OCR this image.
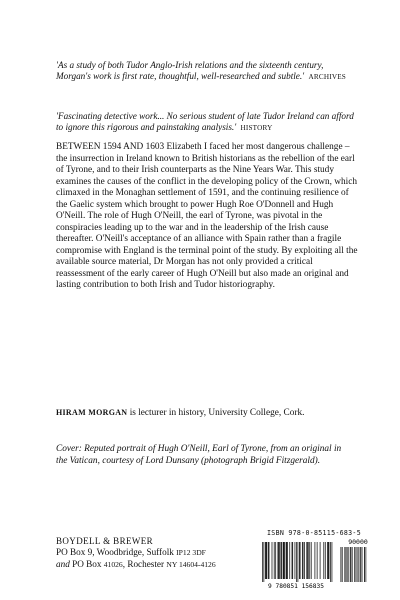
'As a study of both Tudor Anglo-Irish relations and the sixteenth century, Morgan's work is first rate, thoughtful, well-researched and subtle.' ARCHIVES
'Fascinating detective work... No serious student of late Tudor Ireland can afford to ignore this rigorous and painstaking analysis.' HISTORY

BETWEEN 1594 AND 1603 Elizabeth I faced her most dangerous challenge – the insurrection in Ireland known to British historians as the rebellion of the earl of Tyrone, and to their Irish counterparts as the Nine Years War. This study examines the causes of the conflict in the developing policy of the Crown, which climaxed in the Monaghan settlement of 1591, and the continuing resilience of the Gaelic system which brought to power Hugh Roe O'Donnell and Hugh O'Neill. The role of Hugh O'Neill, the earl of Tyrone, was pivotal in the conspiracies leading up to the war and in the leadership of the Irish cause thereafter. O'Neill's acceptance of an alliance with Spain rather than a fragile compromise with England is the terminal point of the study. By exploiting all the available source material, Dr Morgan has not only provided a critical reassessment of the early career of Hugh O'Neill but also made an original and lasting contribution to both Irish and Tudor historiography.

HIRAM MORGAN is lecturer in history, University College, Cork.

Cover: Reputed portrait of Hugh O'Neill, Earl of Tyrone, from an original in the Vatican, courtesy of Lord Dunsany (photograph Brigid Fitzgerald).

BOYDELL & BREWER
PO Box 9, Woodbridge, Suffolk IP12 3DF
and PO Box 41026, Rochester NY 14604-4126
ISBN 978-0-85115-683-5
90000
9 780851 156835
